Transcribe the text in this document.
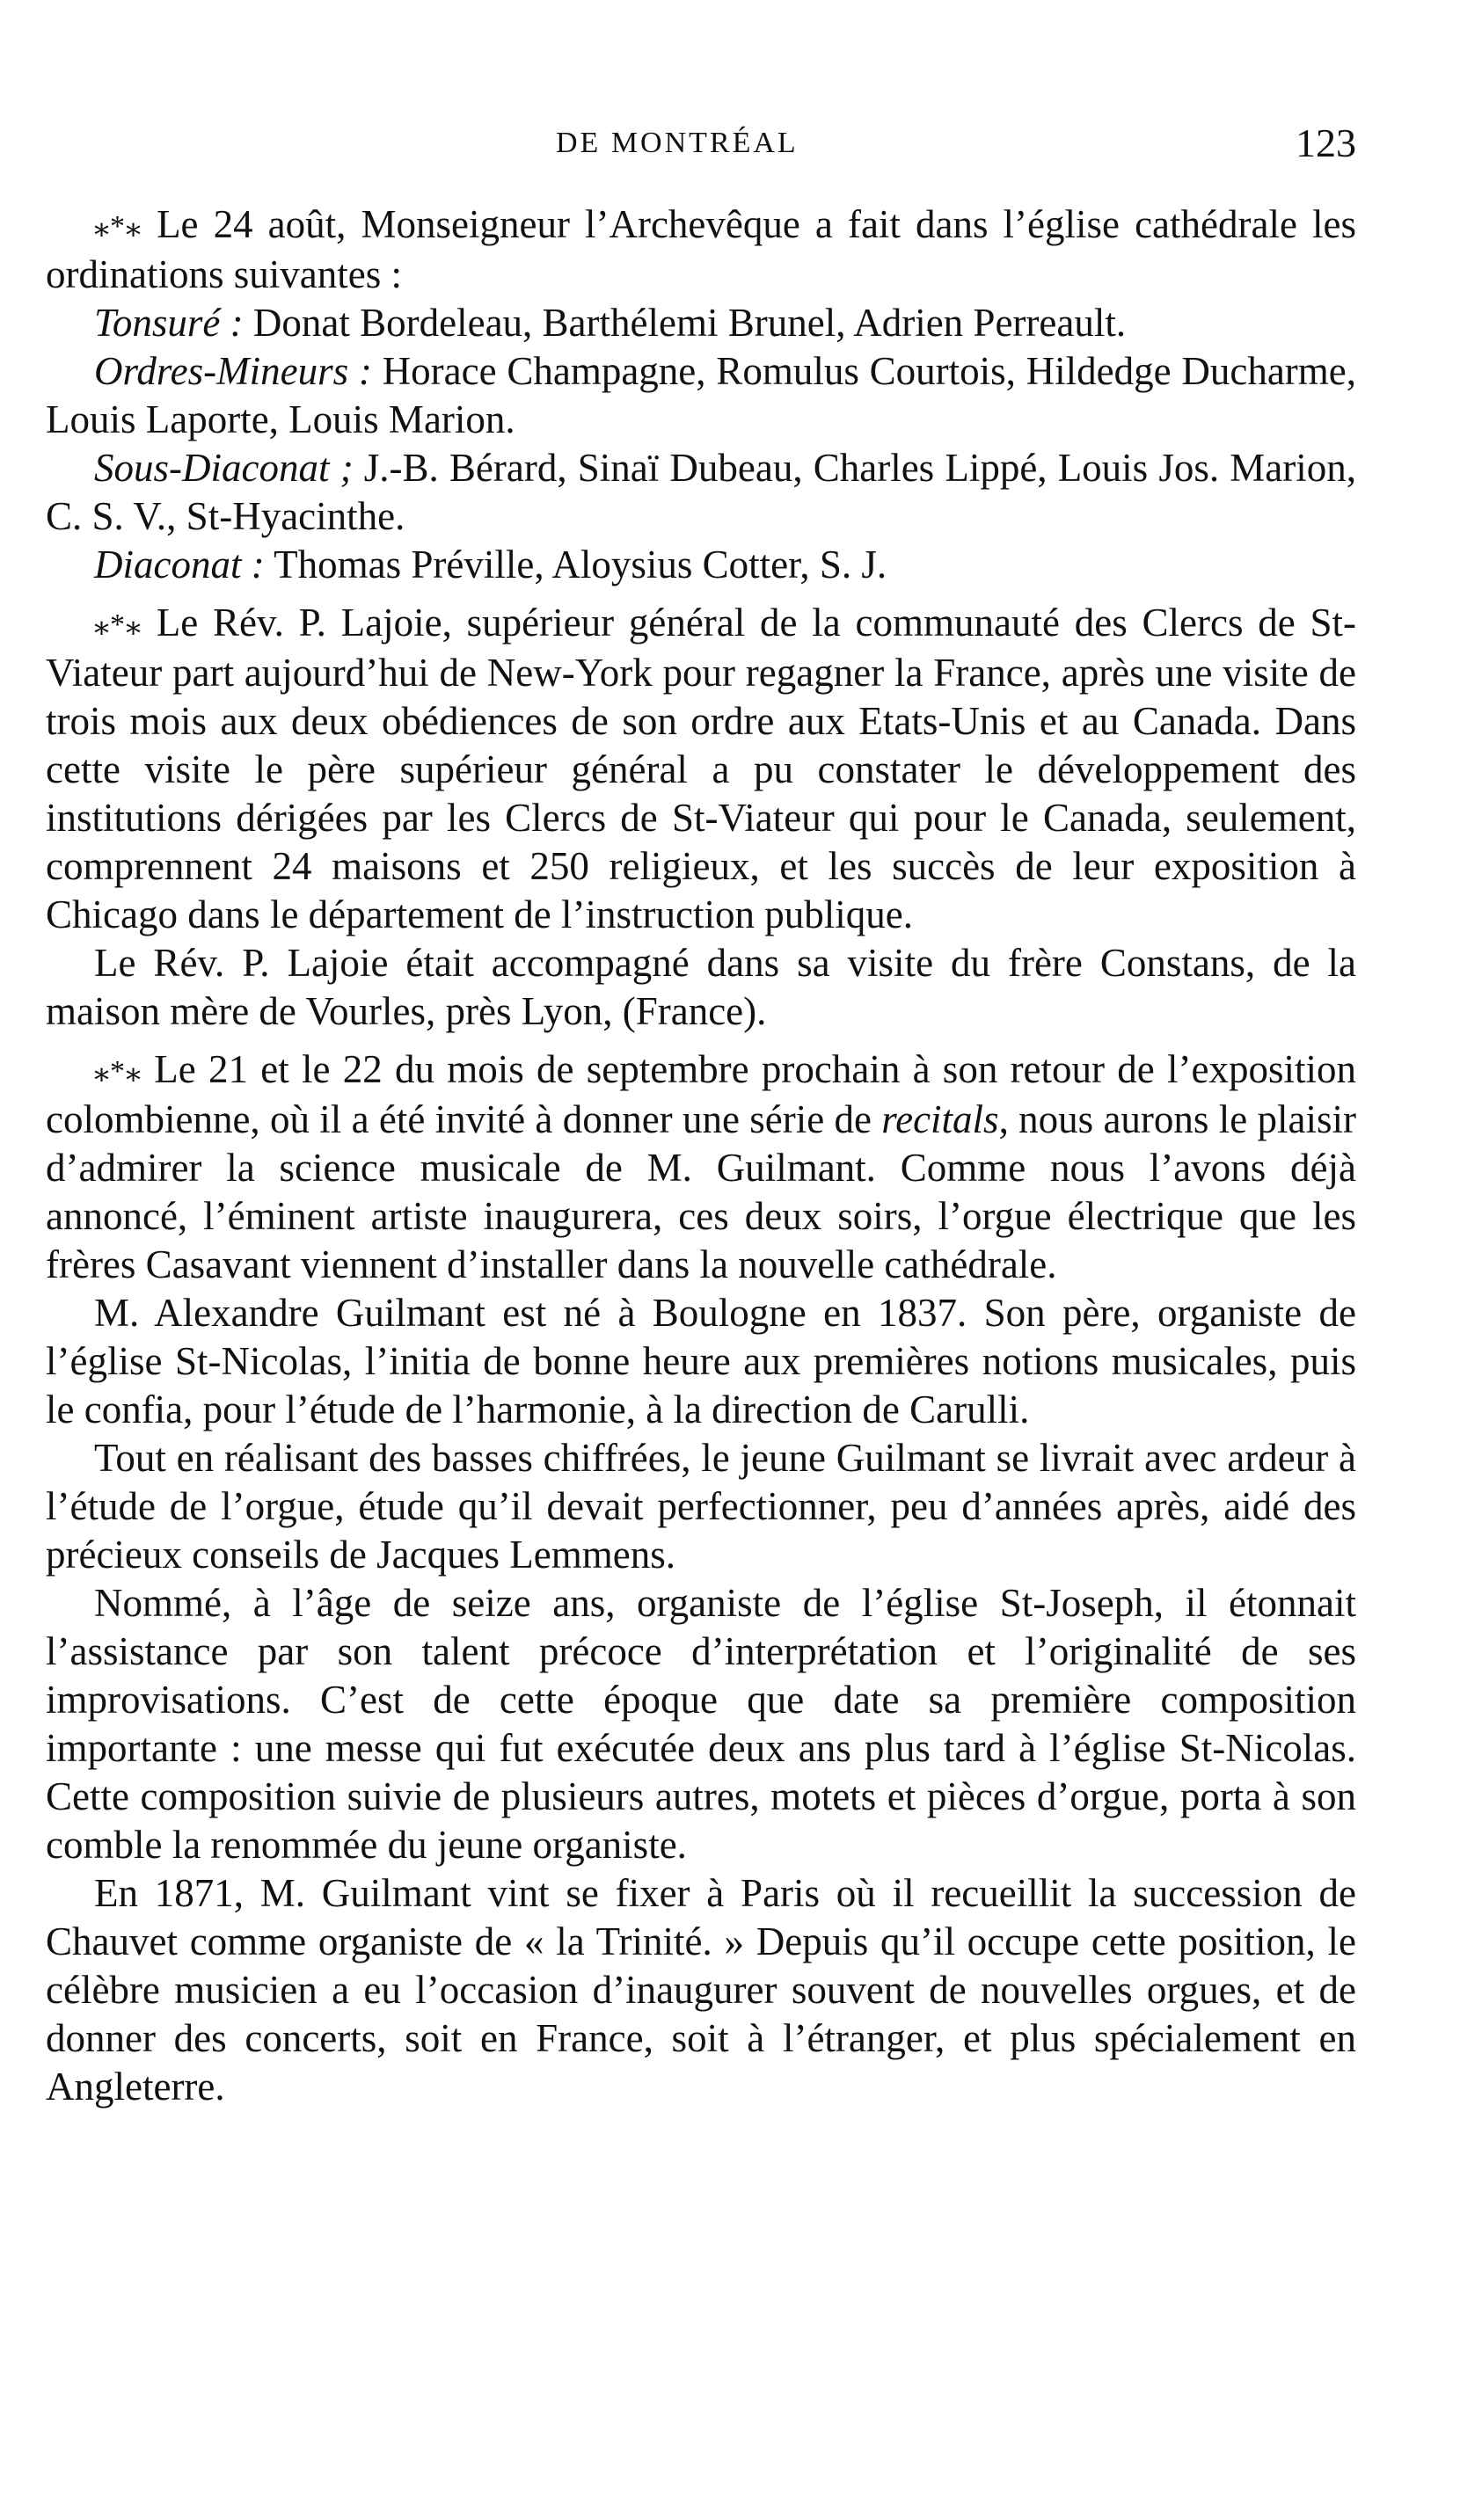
DE MONTRÉAL	123

⁎*⁎ Le 24 août, Monseigneur l’Archevêque a fait dans l’église cathédrale les ordinations suivantes :

Tonsuré : Donat Bordeleau, Barthélemi Brunel, Adrien Perreault.

Ordres-Mineurs : Horace Champagne, Romulus Courtois, Hildedge Ducharme, Louis Laporte, Louis Marion.

Sous-Diaconat ; J.-B. Bérard, Sinaï Dubeau, Charles Lippé, Louis Jos. Marion, C. S. V., St-Hyacinthe.

Diaconat : Thomas Préville, Aloysius Cotter, S. J.

⁎*⁎ Le Rév. P. Lajoie, supérieur général de la communauté des Clercs de St-Viateur part aujourd’hui de New-York pour regagner la France, après une visite de trois mois aux deux obédiences de son ordre aux Etats-Unis et au Canada. Dans cette visite le père supérieur général a pu constater le développement des institutions dérigées par les Clercs de St-Viateur qui pour le Canada, seulement, comprennent 24 maisons et 250 religieux, et les succès de leur exposition à Chicago dans le département de l’instruction publique.

Le Rév. P. Lajoie était accompagné dans sa visite du frère Constans, de la maison mère de Vourles, près Lyon, (France).

⁎*⁎ Le 21 et le 22 du mois de septembre prochain à son retour de l’exposition colombienne, où il a été invité à donner une série de recitals, nous aurons le plaisir d’admirer la science musicale de M. Guilmant. Comme nous l’avons déjà annoncé, l’éminent artiste inaugurera, ces deux soirs, l’orgue électrique que les frères Casavant viennent d’installer dans la nouvelle cathédrale.

M. Alexandre Guilmant est né à Boulogne en 1837. Son père, organiste de l’église St-Nicolas, l’initia de bonne heure aux premières notions musicales, puis le confia, pour l’étude de l’harmonie, à la direction de Carulli.

Tout en réalisant des basses chiffrées, le jeune Guilmant se livrait avec ardeur à l’étude de l’orgue, étude qu’il devait perfectionner, peu d’années après, aidé des précieux conseils de Jacques Lemmens.

Nommé, à l’âge de seize ans, organiste de l’église St-Joseph, il étonnait l’assistance par son talent précoce d’interprétation et l’originalité de ses improvisations. C’est de cette époque que date sa première composition importante : une messe qui fut exécutée deux ans plus tard à l’église St-Nicolas. Cette composition suivie de plusieurs autres, motets et pièces d’orgue, porta à son comble la renommée du jeune organiste.

En 1871, M. Guilmant vint se fixer à Paris où il recueillit la succession de Chauvet comme organiste de « la Trinité. » Depuis qu’il occupe cette position, le célèbre musicien a eu l’occasion d’inaugurer souvent de nouvelles orgues, et de donner des concerts, soit en France, soit à l’étranger, et plus spécialement en Angleterre.
